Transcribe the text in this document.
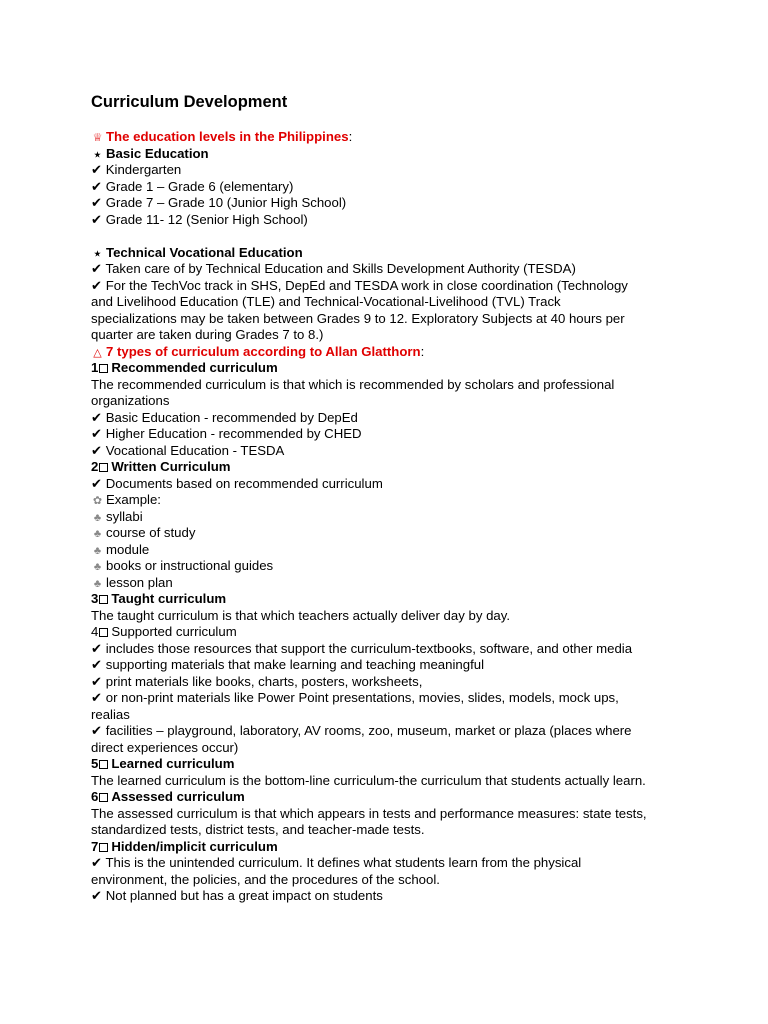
Curriculum Development
♕ The education levels in the Philippines:
⭑ Basic Education
✔ Kindergarten
✔ Grade 1 – Grade 6 (elementary)
✔ Grade 7 – Grade 10 (Junior High School)
✔ Grade 11- 12 (Senior High School)
⭑ Technical Vocational Education
✔ Taken care of by Technical Education and Skills Development Authority (TESDA)
✔ For the TechVoc track in SHS, DepEd and TESDA work in close coordination (Technology
and Livelihood Education (TLE) and Technical-Vocational-Livelihood (TVL) Track
specializations may be taken between Grades 9 to 12. Exploratory Subjects at 40 hours per
quarter are taken during Grades 7 to 8.)
△ 7 types of curriculum according to Allan Glatthorn:
1 Recommended curriculum
The recommended curriculum is that which is recommended by scholars and professional
organizations
✔ Basic Education - recommended by DepEd
✔ Higher Education - recommended by CHED
✔ Vocational Education - TESDA
2 Written Curriculum
✔ Documents based on recommended curriculum
✿ Example:
♣ syllabi
♣ course of study
♣ module
♣ books or instructional guides
♣ lesson plan
3 Taught curriculum
The taught curriculum is that which teachers actually deliver day by day.
4 Supported curriculum
✔ includes those resources that support the curriculum-textbooks, software, and other media
✔ supporting materials that make learning and teaching meaningful
✔ print materials like books, charts, posters, worksheets,
✔ or non-print materials like Power Point presentations, movies, slides, models, mock ups,
realias
✔ facilities – playground, laboratory, AV rooms, zoo, museum, market or plaza (places where
direct experiences occur)
5 Learned curriculum
The learned curriculum is the bottom-line curriculum-the curriculum that students actually learn.
6 Assessed curriculum
The assessed curriculum is that which appears in tests and performance measures: state tests,
standardized tests, district tests, and teacher-made tests.
7 Hidden/implicit curriculum
✔ This is the unintended curriculum. It defines what students learn from the physical
environment, the policies, and the procedures of the school.
✔ Not planned but has a great impact on students
